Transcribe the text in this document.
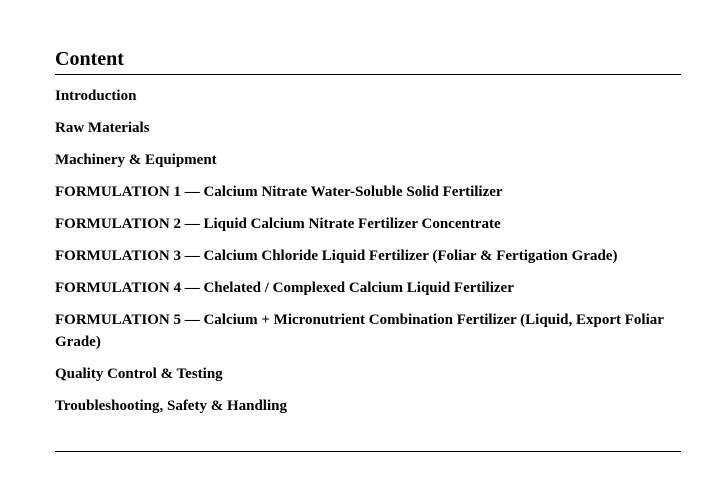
Content
Introduction
Raw Materials
Machinery & Equipment
FORMULATION 1 — Calcium Nitrate Water-Soluble Solid Fertilizer
FORMULATION 2 — Liquid Calcium Nitrate Fertilizer Concentrate
FORMULATION 3 — Calcium Chloride Liquid Fertilizer (Foliar & Fertigation Grade)
FORMULATION 4 — Chelated / Complexed Calcium Liquid Fertilizer
FORMULATION 5 — Calcium + Micronutrient Combination Fertilizer (Liquid, Export Foliar Grade)
Quality Control & Testing
Troubleshooting, Safety & Handling
